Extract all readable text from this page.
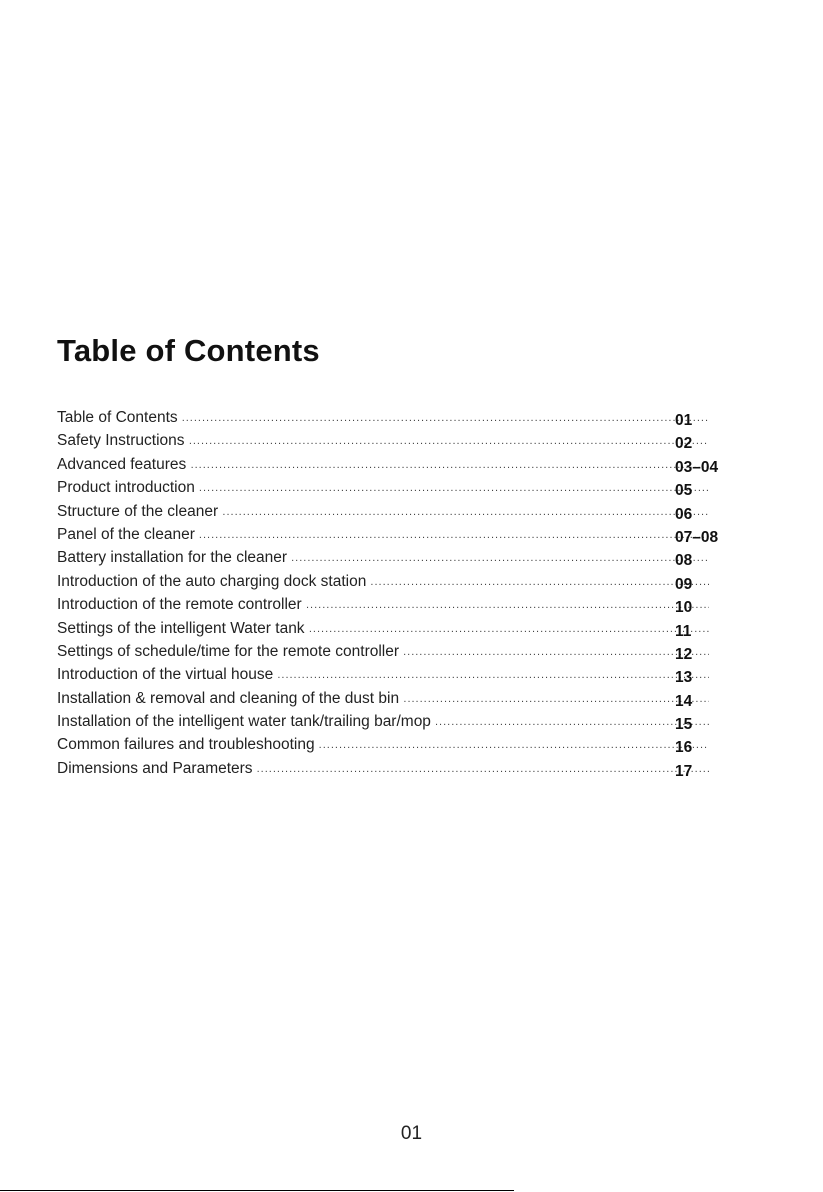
Table of Contents
Table of Contents .....	01
Safety Instructions .....	02
Advanced features .....	03–04
Product introduction .....	05
Structure of the cleaner .....	06
Panel of the cleaner .....	07–08
Battery installation for the cleaner .....	08
Introduction of the auto charging dock station .....	09
Introduction of the remote controller .....	10
Settings of the intelligent Water tank .....	11
Settings of schedule/time for the remote controller .....	12
Introduction of the virtual house .....	13
Installation & removal and cleaning of the dust bin .....	14
Installation of the intelligent water tank/trailing bar/mop .....	15
Common failures and troubleshooting .....	16
Dimensions and Parameters .....	17
01
